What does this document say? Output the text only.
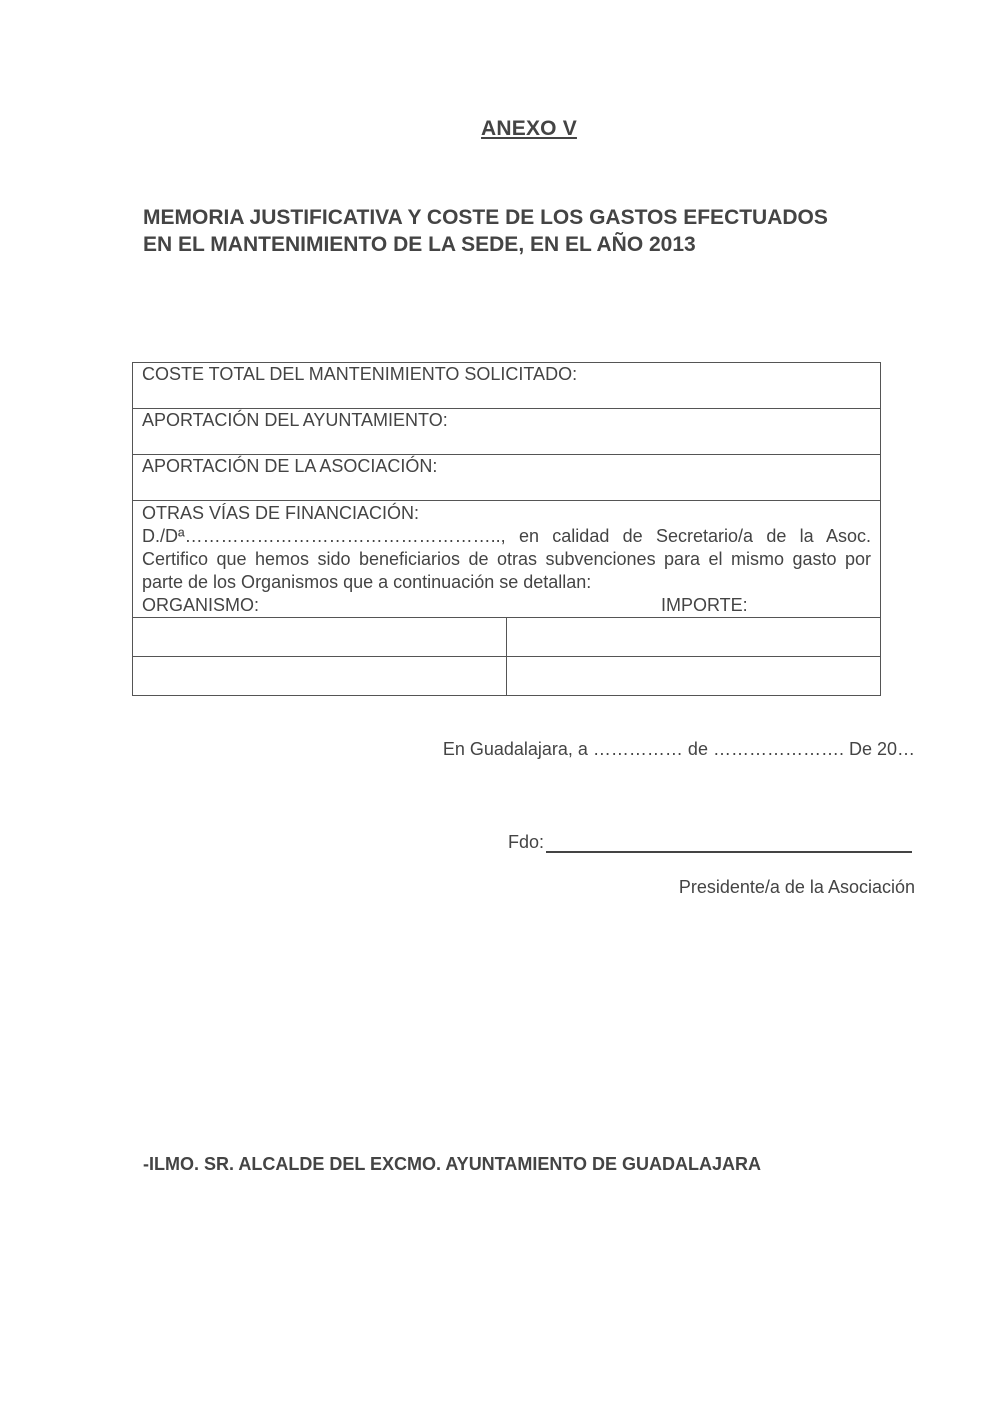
ANEXO V
MEMORIA JUSTIFICATIVA Y COSTE DE LOS GASTOS EFECTUADOS
EN EL MANTENIMIENTO DE LA SEDE, EN EL AÑO 2013
COSTE TOTAL DEL MANTENIMIENTO SOLICITADO:	

APORTACIÓN DEL AYUNTAMIENTO:	

APORTACIÓN DE LA ASOCIACIÓN:	

OTRAS VÍAS DE FINANCIACIÓN:
D./Dª…………………………………………….., en calidad de Secretario/a de la Asoc. Certifico que hemos sido beneficiarios de otras subvenciones para el mismo gasto por parte de los Organismos que a continuación se detallan:
ORGANISMO: IMPORTE:	

En Guadalajara, a …………… de …………………. De 20…
Fdo:
Presidente/a de la Asociación
-ILMO. SR. ALCALDE DEL EXCMO. AYUNTAMIENTO DE GUADALAJARA
